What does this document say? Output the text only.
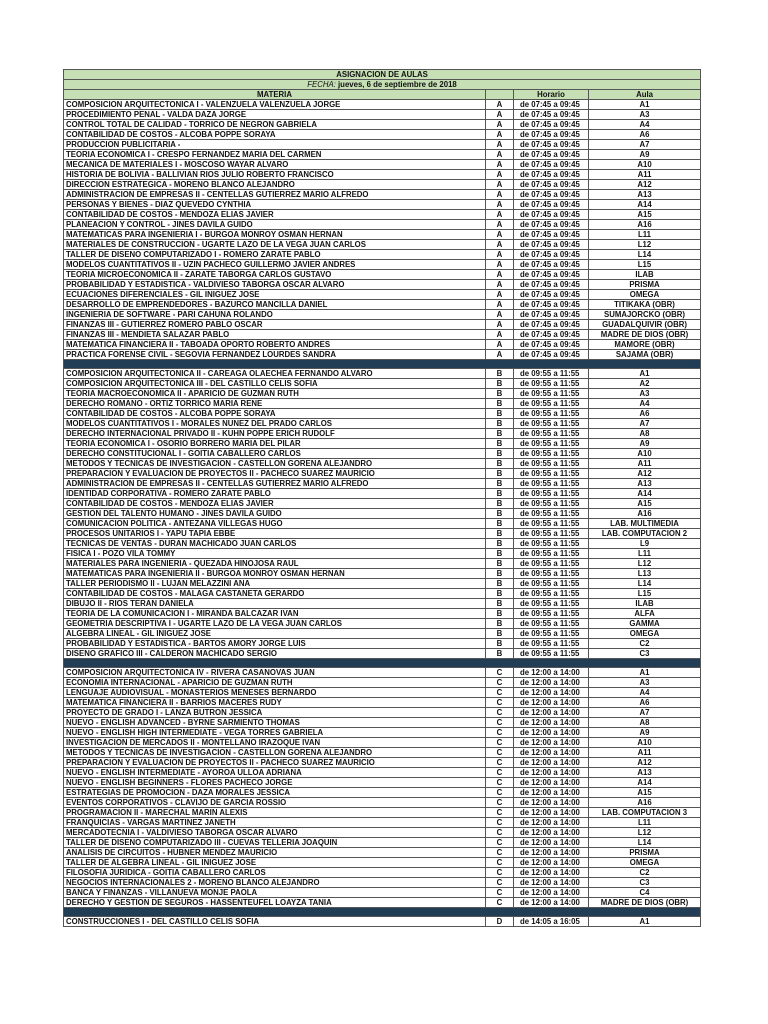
ASIGNACION DE AULAS			
FECHA: jueves, 6 de septiembre de 2018			
MATERIA		Horario	Aula
COMPOSICION ARQUITECTONICA I - VALENZUELA VALENZUELA JORGE	A	de 07:45 a 09:45	A1
PROCEDIMIENTO PENAL - VALDA DAZA JORGE	A	de 07:45 a 09:45	A3
CONTROL TOTAL DE CALIDAD - TORRICO DE NEGRON GABRIELA	A	de 07:45 a 09:45	A4
CONTABILIDAD DE COSTOS - ALCOBA POPPE SORAYA	A	de 07:45 a 09:45	A6
PRODUCCION PUBLICITARIA -	A	de 07:45 a 09:45	A7
TEORIA ECONOMICA I - CRESPO FERNANDEZ MARIA DEL CARMEN	A	de 07:45 a 09:45	A9
MECANICA DE MATERIALES I - MOSCOSO WAYAR ALVARO	A	de 07:45 a 09:45	A10
HISTORIA DE BOLIVIA - BALLIVIAN RIOS JULIO ROBERTO FRANCISCO	A	de 07:45 a 09:45	A11
DIRECCION ESTRATEGICA - MORENO BLANCO ALEJANDRO	A	de 07:45 a 09:45	A12
ADMINISTRACION DE EMPRESAS II - CENTELLAS GUTIERREZ MARIO ALFREDO	A	de 07:45 a 09:45	A13
PERSONAS Y BIENES - DIAZ QUEVEDO CYNTHIA	A	de 07:45 a 09:45	A14
CONTABILIDAD DE COSTOS - MENDOZA ELIAS JAVIER	A	de 07:45 a 09:45	A15
PLANEACION Y CONTROL - JINES DAVILA GUIDO	A	de 07:45 a 09:45	A16
MATEMATICAS PARA INGENIERIA I - BURGOA MONROY OSMAN HERNAN	A	de 07:45 a 09:45	L11
MATERIALES DE CONSTRUCCION - UGARTE LAZO DE LA VEGA JUAN CARLOS	A	de 07:45 a 09:45	L12
TALLER DE DISENO COMPUTARIZADO I - ROMERO ZARATE PABLO	A	de 07:45 a 09:45	L14
MODELOS CUANTITATIVOS II - UZIN PACHECO GUILLERMO JAVIER ANDRES	A	de 07:45 a 09:45	L15
TEORIA MICROECONOMICA II - ZARATE TABORGA CARLOS GUSTAVO	A	de 07:45 a 09:45	ILAB
PROBABILIDAD Y ESTADISTICA - VALDIVIESO TABORGA OSCAR ALVARO	A	de 07:45 a 09:45	PRISMA
ECUACIONES DIFERENCIALES - GIL INIGUEZ JOSE	A	de 07:45 a 09:45	OMEGA
DESARROLLO DE EMPRENDEDORES - BAZURCO MANCILLA DANIEL	A	de 07:45 a 09:45	TITIKAKA (OBR)
INGENIERIA DE SOFTWARE - PARI CAHUNA ROLANDO	A	de 07:45 a 09:45	SUMAJORCKO (OBR)
FINANZAS III - GUTIERREZ ROMERO PABLO OSCAR	A	de 07:45 a 09:45	GUADALQUIVIR (OBR)
FINANZAS III - MENDIETA SALAZAR PABLO	A	de 07:45 a 09:45	MADRE DE DIOS (OBR)
MATEMATICA FINANCIERA II - TABOADA OPORTO ROBERTO ANDRES	A	de 07:45 a 09:45	MAMORE (OBR)
PRACTICA FORENSE CIVIL - SEGOVIA FERNANDEZ LOURDES SANDRA	A	de 07:45 a 09:45	SAJAMA (OBR)

COMPOSICION ARQUITECTONICA II - CAREAGA OLAECHEA FERNANDO ALVARO	B	de 09:55 a 11:55	A1
COMPOSICION ARQUITECTONICA III - DEL CASTILLO CELIS SOFIA	B	de 09:55 a 11:55	A2
TEORIA MACROECONOMICA II - APARICIO DE GUZMAN RUTH	B	de 09:55 a 11:55	A3
DERECHO ROMANO - ORTIZ TORRICO MARIA RENE	B	de 09:55 a 11:55	A4
CONTABILIDAD DE COSTOS - ALCOBA POPPE SORAYA	B	de 09:55 a 11:55	A6
MODELOS CUANTITATIVOS I - MORALES NUNEZ DEL PRADO CARLOS	B	de 09:55 a 11:55	A7
DERECHO INTERNACIONAL PRIVADO II - KUHN POPPE ERICH RUDOLF	B	de 09:55 a 11:55	A8
TEORIA ECONOMICA I - OSORIO BORRERO MARIA DEL PILAR	B	de 09:55 a 11:55	A9
DERECHO CONSTITUCIONAL I - GOITIA CABALLERO CARLOS	B	de 09:55 a 11:55	A10
METODOS Y TECNICAS DE INVESTIGACION - CASTELLON GORENA ALEJANDRO	B	de 09:55 a 11:55	A11
PREPARACION Y EVALUACION DE PROYECTOS II - PACHECO SUAREZ MAURICIO	B	de 09:55 a 11:55	A12
ADMINISTRACION DE EMPRESAS II - CENTELLAS GUTIERREZ MARIO ALFREDO	B	de 09:55 a 11:55	A13
IDENTIDAD CORPORATIVA - ROMERO ZARATE PABLO	B	de 09:55 a 11:55	A14
CONTABILIDAD DE COSTOS - MENDOZA ELIAS JAVIER	B	de 09:55 a 11:55	A15
GESTION DEL TALENTO HUMANO - JINES DAVILA GUIDO	B	de 09:55 a 11:55	A16
COMUNICACION POLITICA - ANTEZANA VILLEGAS HUGO	B	de 09:55 a 11:55	LAB. MULTIMEDIA
PROCESOS UNITARIOS I - YAPU TAPIA EBBE	B	de 09:55 a 11:55	LAB. COMPUTACION 2
TECNICAS DE VENTAS - DURAN MACHICADO JUAN CARLOS	B	de 09:55 a 11:55	L9
FISICA I - POZO VILA TOMMY	B	de 09:55 a 11:55	L11
MATERIALES PARA INGENIERIA - QUEZADA HINOJOSA RAUL	B	de 09:55 a 11:55	L12
MATEMATICAS PARA INGENIERIA II - BURGOA MONROY OSMAN HERNAN	B	de 09:55 a 11:55	L13
TALLER PERIODISMO II - LUJAN MELAZZINI ANA	B	de 09:55 a 11:55	L14
CONTABILIDAD DE COSTOS - MALAGA CASTANETA GERARDO	B	de 09:55 a 11:55	L15
DIBUJO II - RIOS TERAN DANIELA	B	de 09:55 a 11:55	ILAB
TEORIA DE LA COMUNICACION I - MIRANDA BALCAZAR IVAN	B	de 09:55 a 11:55	ALFA
GEOMETRIA DESCRIPTIVA I - UGARTE LAZO DE LA VEGA JUAN CARLOS	B	de 09:55 a 11:55	GAMMA
ALGEBRA LINEAL - GIL INIGUEZ JOSE	B	de 09:55 a 11:55	OMEGA
PROBABILIDAD Y ESTADISTICA - BARTOS AMORY JORGE LUIS	B	de 09:55 a 11:55	C2
DISENO GRAFICO III - CALDERON MACHICADO SERGIO	B	de 09:55 a 11:55	C3

COMPOSICION ARQUITECTONICA IV - RIVERA CASANOVAS JUAN	C	de 12:00 a 14:00	A1
ECONOMIA INTERNACIONAL - APARICIO DE GUZMAN RUTH	C	de 12:00 a 14:00	A3
LENGUAJE AUDIOVISUAL - MONASTERIOS MENESES BERNARDO	C	de 12:00 a 14:00	A4
MATEMATICA FINANCIERA II - BARRIOS MACERES RUDY	C	de 12:00 a 14:00	A6
PROYECTO DE GRADO I - LANZA BUTRON JESSICA	C	de 12:00 a 14:00	A7
NUEVO - ENGLISH ADVANCED - BYRNE SARMIENTO THOMAS	C	de 12:00 a 14:00	A8
NUEVO - ENGLISH HIGH INTERMEDIATE - VEGA TORRES GABRIELA	C	de 12:00 a 14:00	A9
INVESTIGACION DE MERCADOS II - MONTELLANO IRAZOQUE IVAN	C	de 12:00 a 14:00	A10
METODOS Y TECNICAS DE INVESTIGACION - CASTELLON GORENA ALEJANDRO	C	de 12:00 a 14:00	A11
PREPARACION Y EVALUACION DE PROYECTOS II - PACHECO SUAREZ MAURICIO	C	de 12:00 a 14:00	A12
NUEVO - ENGLISH INTERMEDIATE - AYOROA ULLOA ADRIANA	C	de 12:00 a 14:00	A13
NUEVO - ENGLISH BEGINNERS - FLORES PACHECO JORGE	C	de 12:00 a 14:00	A14
ESTRATEGIAS DE PROMOCION - DAZA MORALES JESSICA	C	de 12:00 a 14:00	A15
EVENTOS CORPORATIVOS - CLAVIJO DE GARCIA ROSSIO	C	de 12:00 a 14:00	A16
PROGRAMACION II - MARECHAL MARIN ALEXIS	C	de 12:00 a 14:00	LAB. COMPUTACION 3
FRANQUICIAS - VARGAS MARTINEZ JANETH	C	de 12:00 a 14:00	L11
MERCADOTECNIA I - VALDIVIESO TABORGA OSCAR ALVARO	C	de 12:00 a 14:00	L12
TALLER DE DISENO COMPUTARIZADO III - CUEVAS TELLERIA JOAQUIN	C	de 12:00 a 14:00	L14
ANALISIS DE CIRCUITOS - HUBNER MENDEZ MAURICIO	C	de 12:00 a 14:00	PRISMA
TALLER DE ALGEBRA LINEAL - GIL INIGUEZ JOSE	C	de 12:00 a 14:00	OMEGA
FILOSOFIA JURIDICA - GOITIA CABALLERO CARLOS	C	de 12:00 a 14:00	C2
NEGOCIOS INTERNACIONALES 2 - MORENO BLANCO ALEJANDRO	C	de 12:00 a 14:00	C3
BANCA Y FINANZAS - VILLANUEVA MONJE PAOLA	C	de 12:00 a 14:00	C4
DERECHO Y GESTION DE SEGUROS - HASSENTEUFEL LOAYZA TANIA	C	de 12:00 a 14:00	MADRE DE DIOS (OBR)

CONSTRUCCIONES I - DEL CASTILLO CELIS SOFIA	D	de 14:05 a 16:05	A1
